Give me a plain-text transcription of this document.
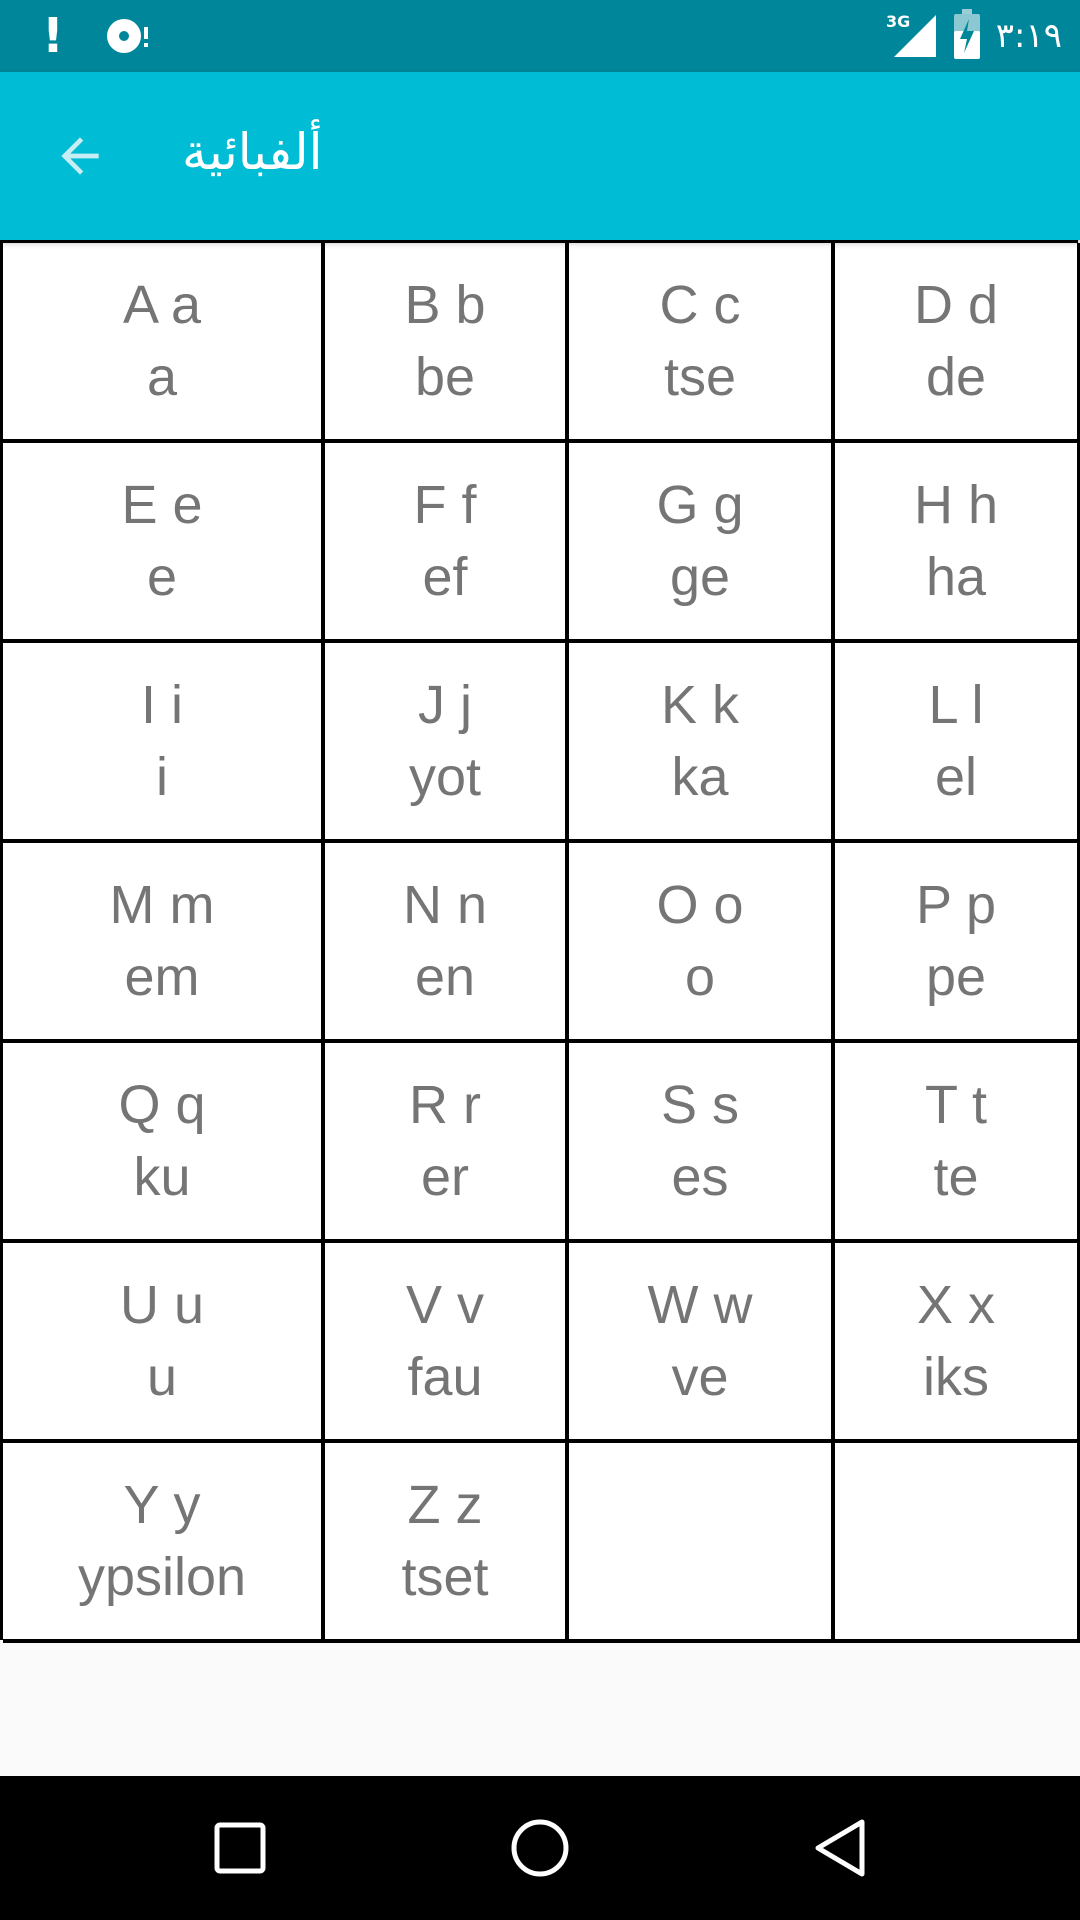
!	3G	٣:١٩
ألفبائية
A a
a
B b
be
C c
tse
D d
de
E e
e
F f
ef
G g
ge
H h
ha
I i
i
J j
yot
K k
ka
L l
el
M m
em
N n
en
O o
o
P p
pe
Q q
ku
R r
er
S s
es
T t
te
U u
u
V v
fau
W w
ve
X x
iks
Y y
ypsilon
Z z
tset
